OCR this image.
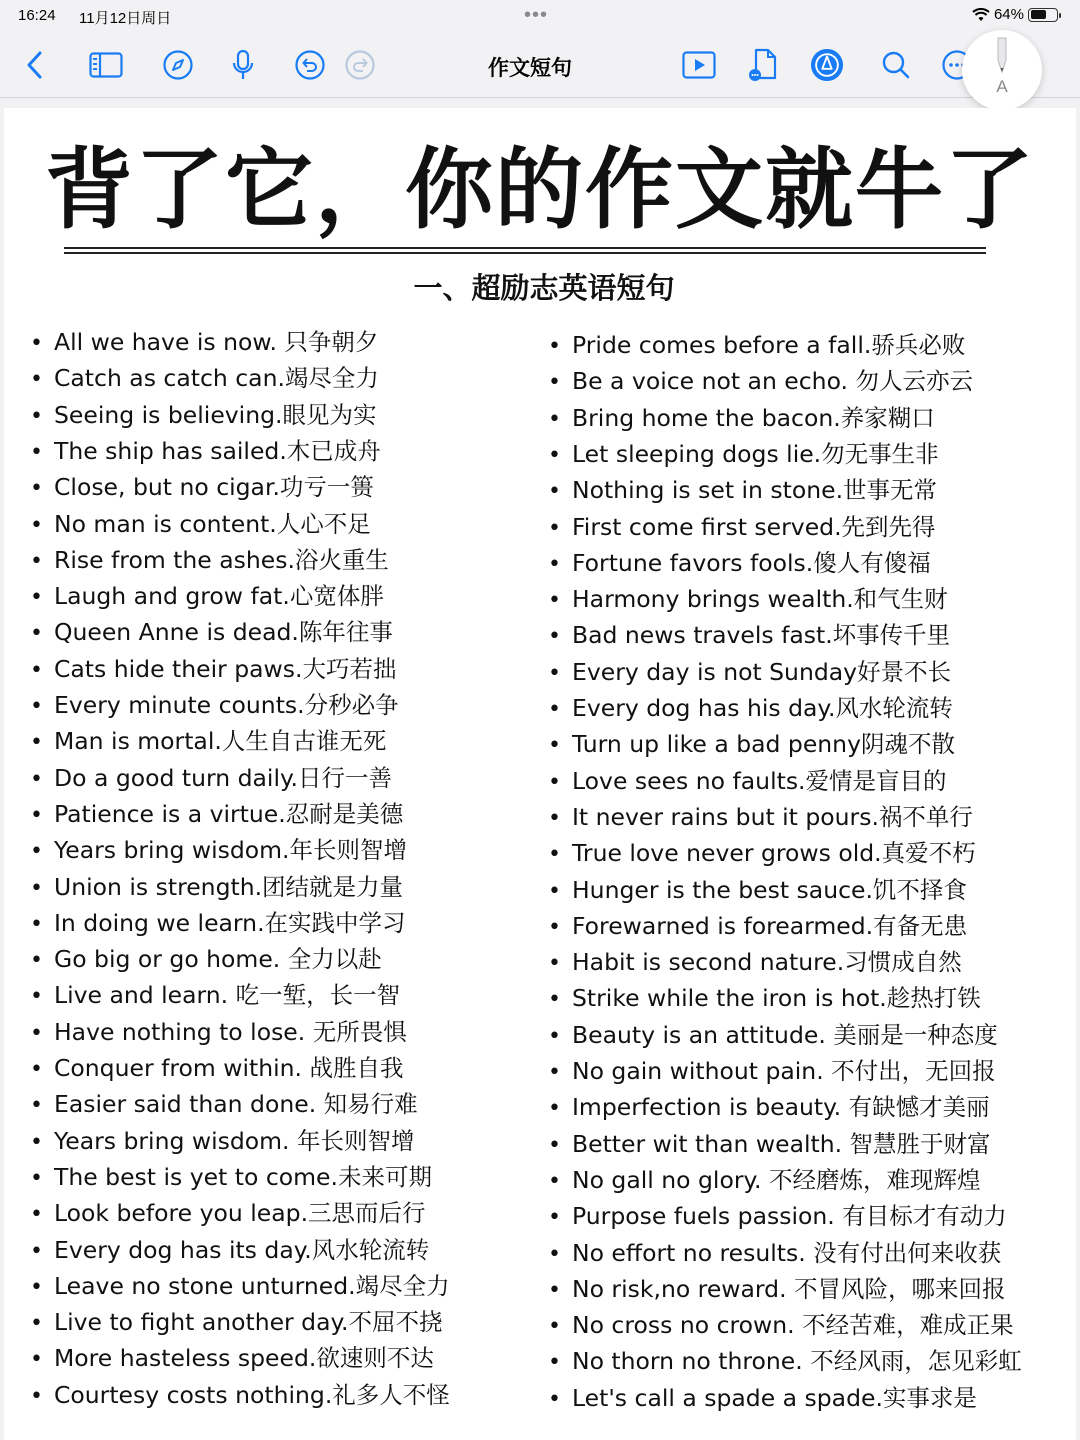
16:24 11月12日周日	•••	64%
作文短句
A
背了它，你的作文就牛了
一、超励志英语短句
• All we have is now. 只争朝夕
• Catch as catch can.竭尽全力
• Seeing is believing.眼见为实
• The ship has sailed.木已成舟
• Close, but no cigar.功亏一篑
• No man is content.人心不足
• Rise from the ashes.浴火重生
• Laugh and grow fat.心宽体胖
• Queen Anne is dead.陈年往事
• Cats hide their paws.大巧若拙
• Every minute counts.分秒必争
• Man is mortal.人生自古谁无死
• Do a good turn daily.日行一善
• Patience is a virtue.忍耐是美德
• Years bring wisdom.年长则智增
• Union is strength.团结就是力量
• In doing we learn.在实践中学习
• Go big or go home. 全力以赴
• Live and learn. 吃一堑，长一智
• Have nothing to lose. 无所畏惧
• Conquer from within. 战胜自我
• Easier said than done. 知易行难
• Years bring wisdom. 年长则智增
• The best is yet to come.未来可期
• Look before you leap.三思而后行
• Every dog has its day.风水轮流转
• Leave no stone unturned.竭尽全力
• Live to fight another day.不屈不挠
• More hasteless speed.欲速则不达
• Courtesy costs nothing.礼多人不怪
• Pride comes before a fall.骄兵必败
• Be a voice not an echo. 勿人云亦云
• Bring home the bacon.养家糊口
• Let sleeping dogs lie.勿无事生非
• Nothing is set in stone.世事无常
• First come first served.先到先得
• Fortune favors fools.傻人有傻福
• Harmony brings wealth.和气生财
• Bad news travels fast.坏事传千里
• Every day is not Sunday好景不长
• Every dog has his day.风水轮流转
• Turn up like a bad penny阴魂不散
• Love sees no faults.爱情是盲目的
• It never rains but it pours.祸不单行
• True love never grows old.真爱不朽
• Hunger is the best sauce.饥不择食
• Forewarned is forearmed.有备无患
• Habit is second nature.习惯成自然
• Strike while the iron is hot.趁热打铁
• Beauty is an attitude. 美丽是一种态度
• No gain without pain. 不付出，无回报
• Imperfection is beauty. 有缺憾才美丽
• Better wit than wealth. 智慧胜于财富
• No gall no glory. 不经磨炼，难现辉煌
• Purpose fuels passion. 有目标才有动力
• No effort no results. 没有付出何来收获
• No risk,no reward. 不冒风险，哪来回报
• No cross no crown. 不经苦难，难成正果
• No thorn no throne. 不经风雨，怎见彩虹
• Let's call a spade a spade.实事求是
